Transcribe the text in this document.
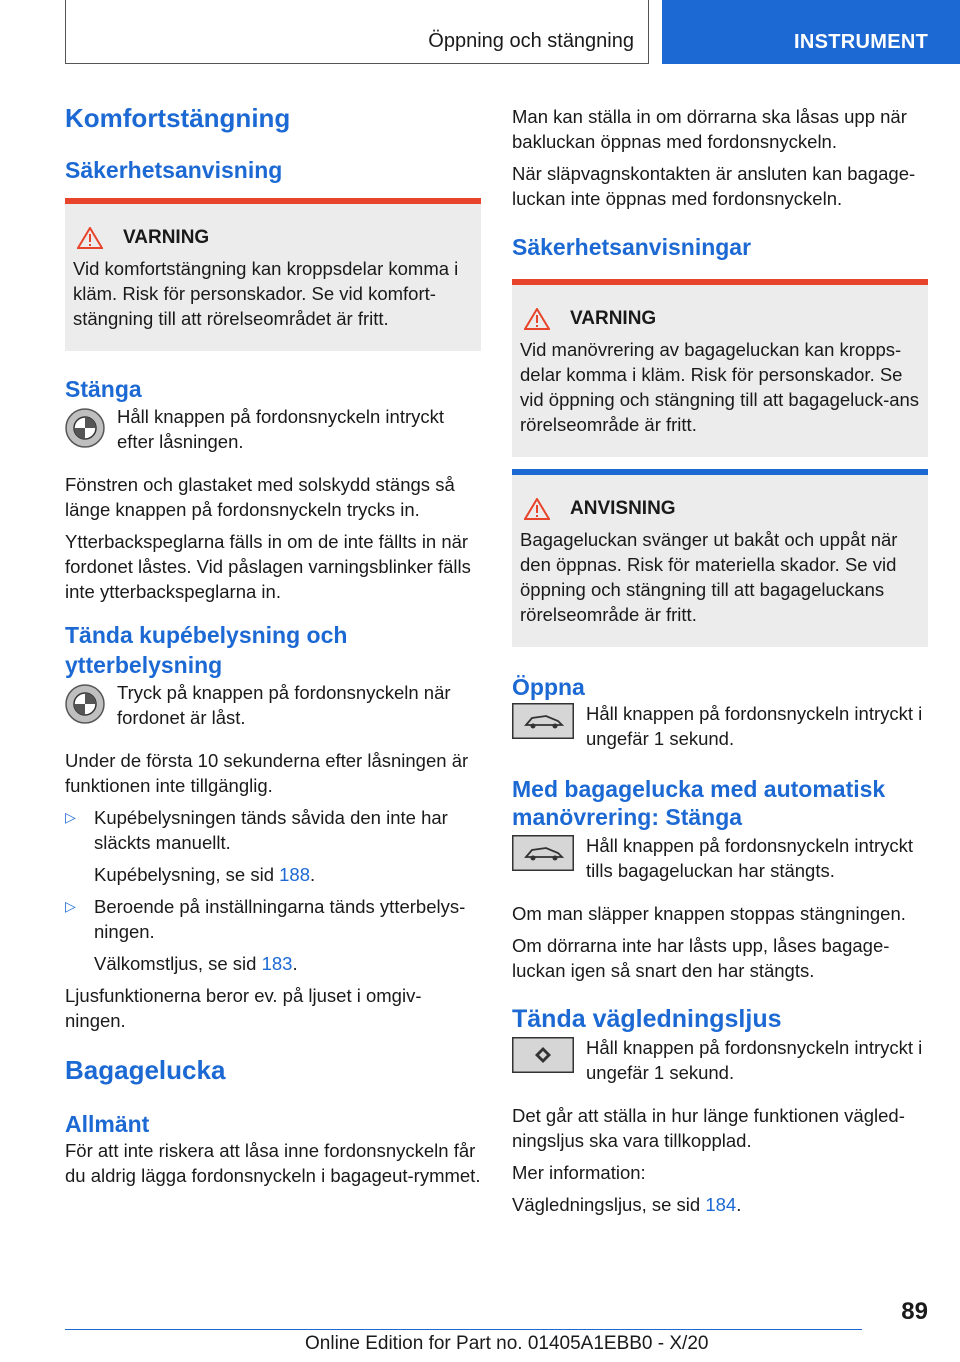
Öppning och stängning	INSTRUMENT
Komfortstängning
Säkerhetsanvisning
VARNING

Vid komfortstängning kan kroppsdelar komma i kläm. Risk för personskador. Se vid komfort-stängning till att rörelseområdet är fritt.

Stänga

Håll knappen på fordonsnyckeln intryckt efter låsningen.

Fönstren och glastaket med solskydd stängs så länge knappen på fordonsnyckeln trycks in.

Ytterbackspeglarna fälls in om de inte fällts in när fordonet låstes. Vid påslagen varningsblinker fälls inte ytterbackspeglarna in.

Tända kupébelysning och ytterbelysning

Tryck på knappen på fordonsnyckeln när fordonet är låst.

Under de första 10 sekunderna efter låsningen är funktionen inte tillgänglig.

▷ Kupébelysningen tänds såvida den inte har släckts manuellt.

Kupébelysning, se sid 188.

▷ Beroende på inställningarna tänds ytterbelys-ningen.

Välkomstljus, se sid 183.

Ljusfunktionerna beror ev. på ljuset i omgiv-ningen.

Bagagelucka
Allmänt

För att inte riskera att låsa inne fordonsnyckeln får du aldrig lägga fordonsnyckeln i bagageut-rymmet.

Man kan ställa in om dörrarna ska låsas upp när bakluckan öppnas med fordonsnyckeln.

När släpvagnskontakten är ansluten kan bagage-luckan inte öppnas med fordonsnyckeln.

Säkerhetsanvisningar
VARNING

Vid manövrering av bagageluckan kan kropps-delar komma i kläm. Risk för personskador. Se vid öppning och stängning till att bagageluck-ans rörelseområde är fritt.

ANVISNING

Bagageluckan svänger ut bakåt och uppåt när den öppnas. Risk för materiella skador. Se vid öppning och stängning till att bagageluckans rörelseområde är fritt.

Öppna

Håll knappen på fordonsnyckeln intryckt i ungefär 1 sekund.

Med bagagelucka med automatisk manövrering: Stänga

Håll knappen på fordonsnyckeln intryckt tills bagageluckan har stängts.

Om man släpper knappen stoppas stängningen.

Om dörrarna inte har låsts upp, låses bagage-luckan igen så snart den har stängts.

Tända vägledningsljus

Håll knappen på fordonsnyckeln intryckt i ungefär 1 sekund.

Det går att ställa in hur länge funktionen vägled-ningsljus ska vara tillkopplad.

Mer information:

Vägledningsljus, se sid 184.

89
Online Edition for Part no. 01405A1EBB0 - X/20
